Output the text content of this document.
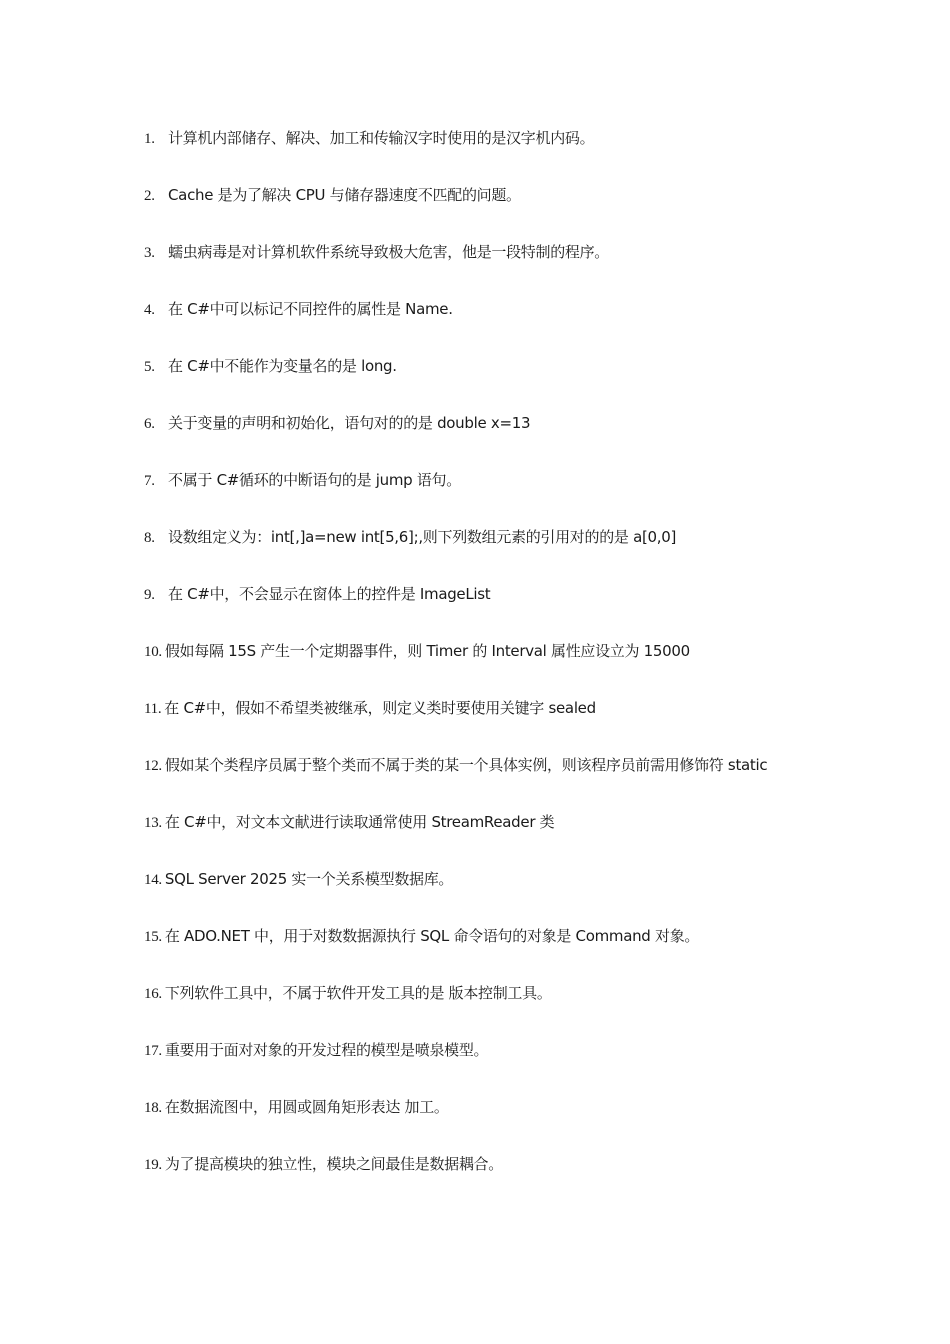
1. 计算机内部储存、解决、加工和传输汉字时使用的是汉字机内码。
2. Cache 是为了解决 CPU 与储存器速度不匹配的问题。
3. 蠕虫病毒是对计算机软件系统导致极大危害，他是一段特制的程序。
4. 在 C#中可以标记不同控件的属性是 Name.
5. 在 C#中不能作为变量名的是 long.
6. 关于变量的声明和初始化，语句对的的是 double x=13
7. 不属于 C#循环的中断语句的是 jump 语句。
8. 设数组定义为：int[,]a=new int[5,6];,则下列数组元素的引用对的的是 a[0,0]
9. 在 C#中，不会显示在窗体上的控件是 ImageList
10. 假如每隔 15S 产生一个定期器事件，则 Timer 的 Interval 属性应设立为 15000
11. 在 C#中，假如不希望类被继承，则定义类时要使用关键字 sealed
12. 假如某个类程序员属于整个类而不属于类的某一个具体实例，则该程序员前需用修饰符 static
13. 在 C#中，对文本文献进行读取通常使用 StreamReader 类
14. SQL Server 2025 实一个关系模型数据库。
15. 在 ADO.NET 中，用于对数数据源执行 SQL 命令语句的对象是 Command 对象。
16. 下列软件工具中，不属于软件开发工具的是 版本控制工具。
17. 重要用于面对对象的开发过程的模型是喷泉模型。
18. 在数据流图中，用圆或圆角矩形表达 加工。
19. 为了提高模块的独立性，模块之间最佳是数据耦合。
